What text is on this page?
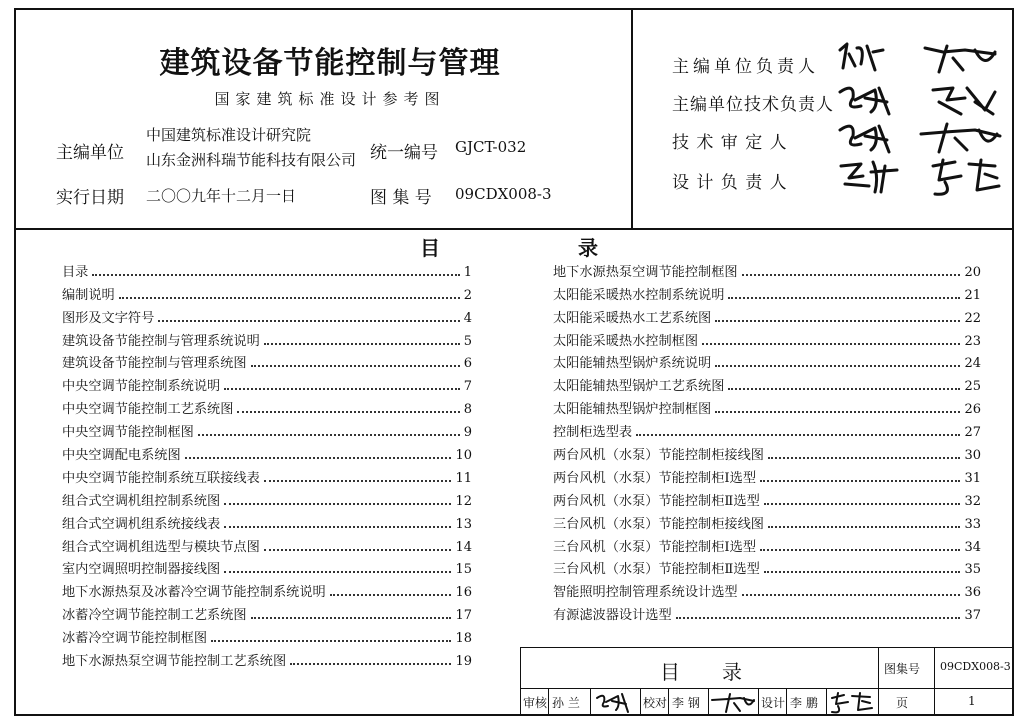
建筑设备节能控制与管理
国家建筑标准设计参考图
主编单位
中国建筑标准设计研究院
山东金洲科瑞节能科技有限公司 统一编号 GJCT-032
实行日期 二〇〇九年十二月一日	图 集 号 09CDX008-3
主编单位负责人
主编单位技术负责人
技 术 审 定 人
设 计 负 责 人
目	录
目录	1
编制说明	2
图形及文字符号	4
建筑设备节能控制与管理系统说明	5
建筑设备节能控制与管理系统图	6
中央空调节能控制系统说明	7
中央空调节能控制工艺系统图	8
中央空调节能控制框图	9
中央空调配电系统图	10
中央空调节能控制系统互联接线表	11
组合式空调机组控制系统图	12
组合式空调机组系统接线表	13
组合式空调机组选型与模块节点图	14
室内空调照明控制器接线图	15
地下水源热泵及冰蓄冷空调节能控制系统说明	16
冰蓄冷空调节能控制工艺系统图	17
冰蓄冷空调节能控制框图	18
地下水源热泵空调节能控制工艺系统图	19
地下水源热泵空调节能控制框图	20
太阳能采暖热水控制系统说明	21
太阳能采暖热水工艺系统图	22
太阳能采暖热水控制框图	23
太阳能辅热型锅炉系统说明	24
太阳能辅热型锅炉工艺系统图	25
太阳能辅热型锅炉控制框图	26
控制柜选型表	27
两台风机（水泵）节能控制柜接线图	30
两台风机（水泵）节能控制柜Ⅰ选型	31
两台风机（水泵）节能控制柜Ⅱ选型	32
三台风机（水泵）节能控制柜接线图	33
三台风机（水泵）节能控制柜Ⅰ选型	34
三台风机（水泵）节能控制柜Ⅱ选型	35
智能照明控制管理系统设计选型	36
有源滤波器设计选型	37
目 录	图集号 09CDX008-3
审核 孙 兰	校对 李 钢	设计 李 鹏	页	1
